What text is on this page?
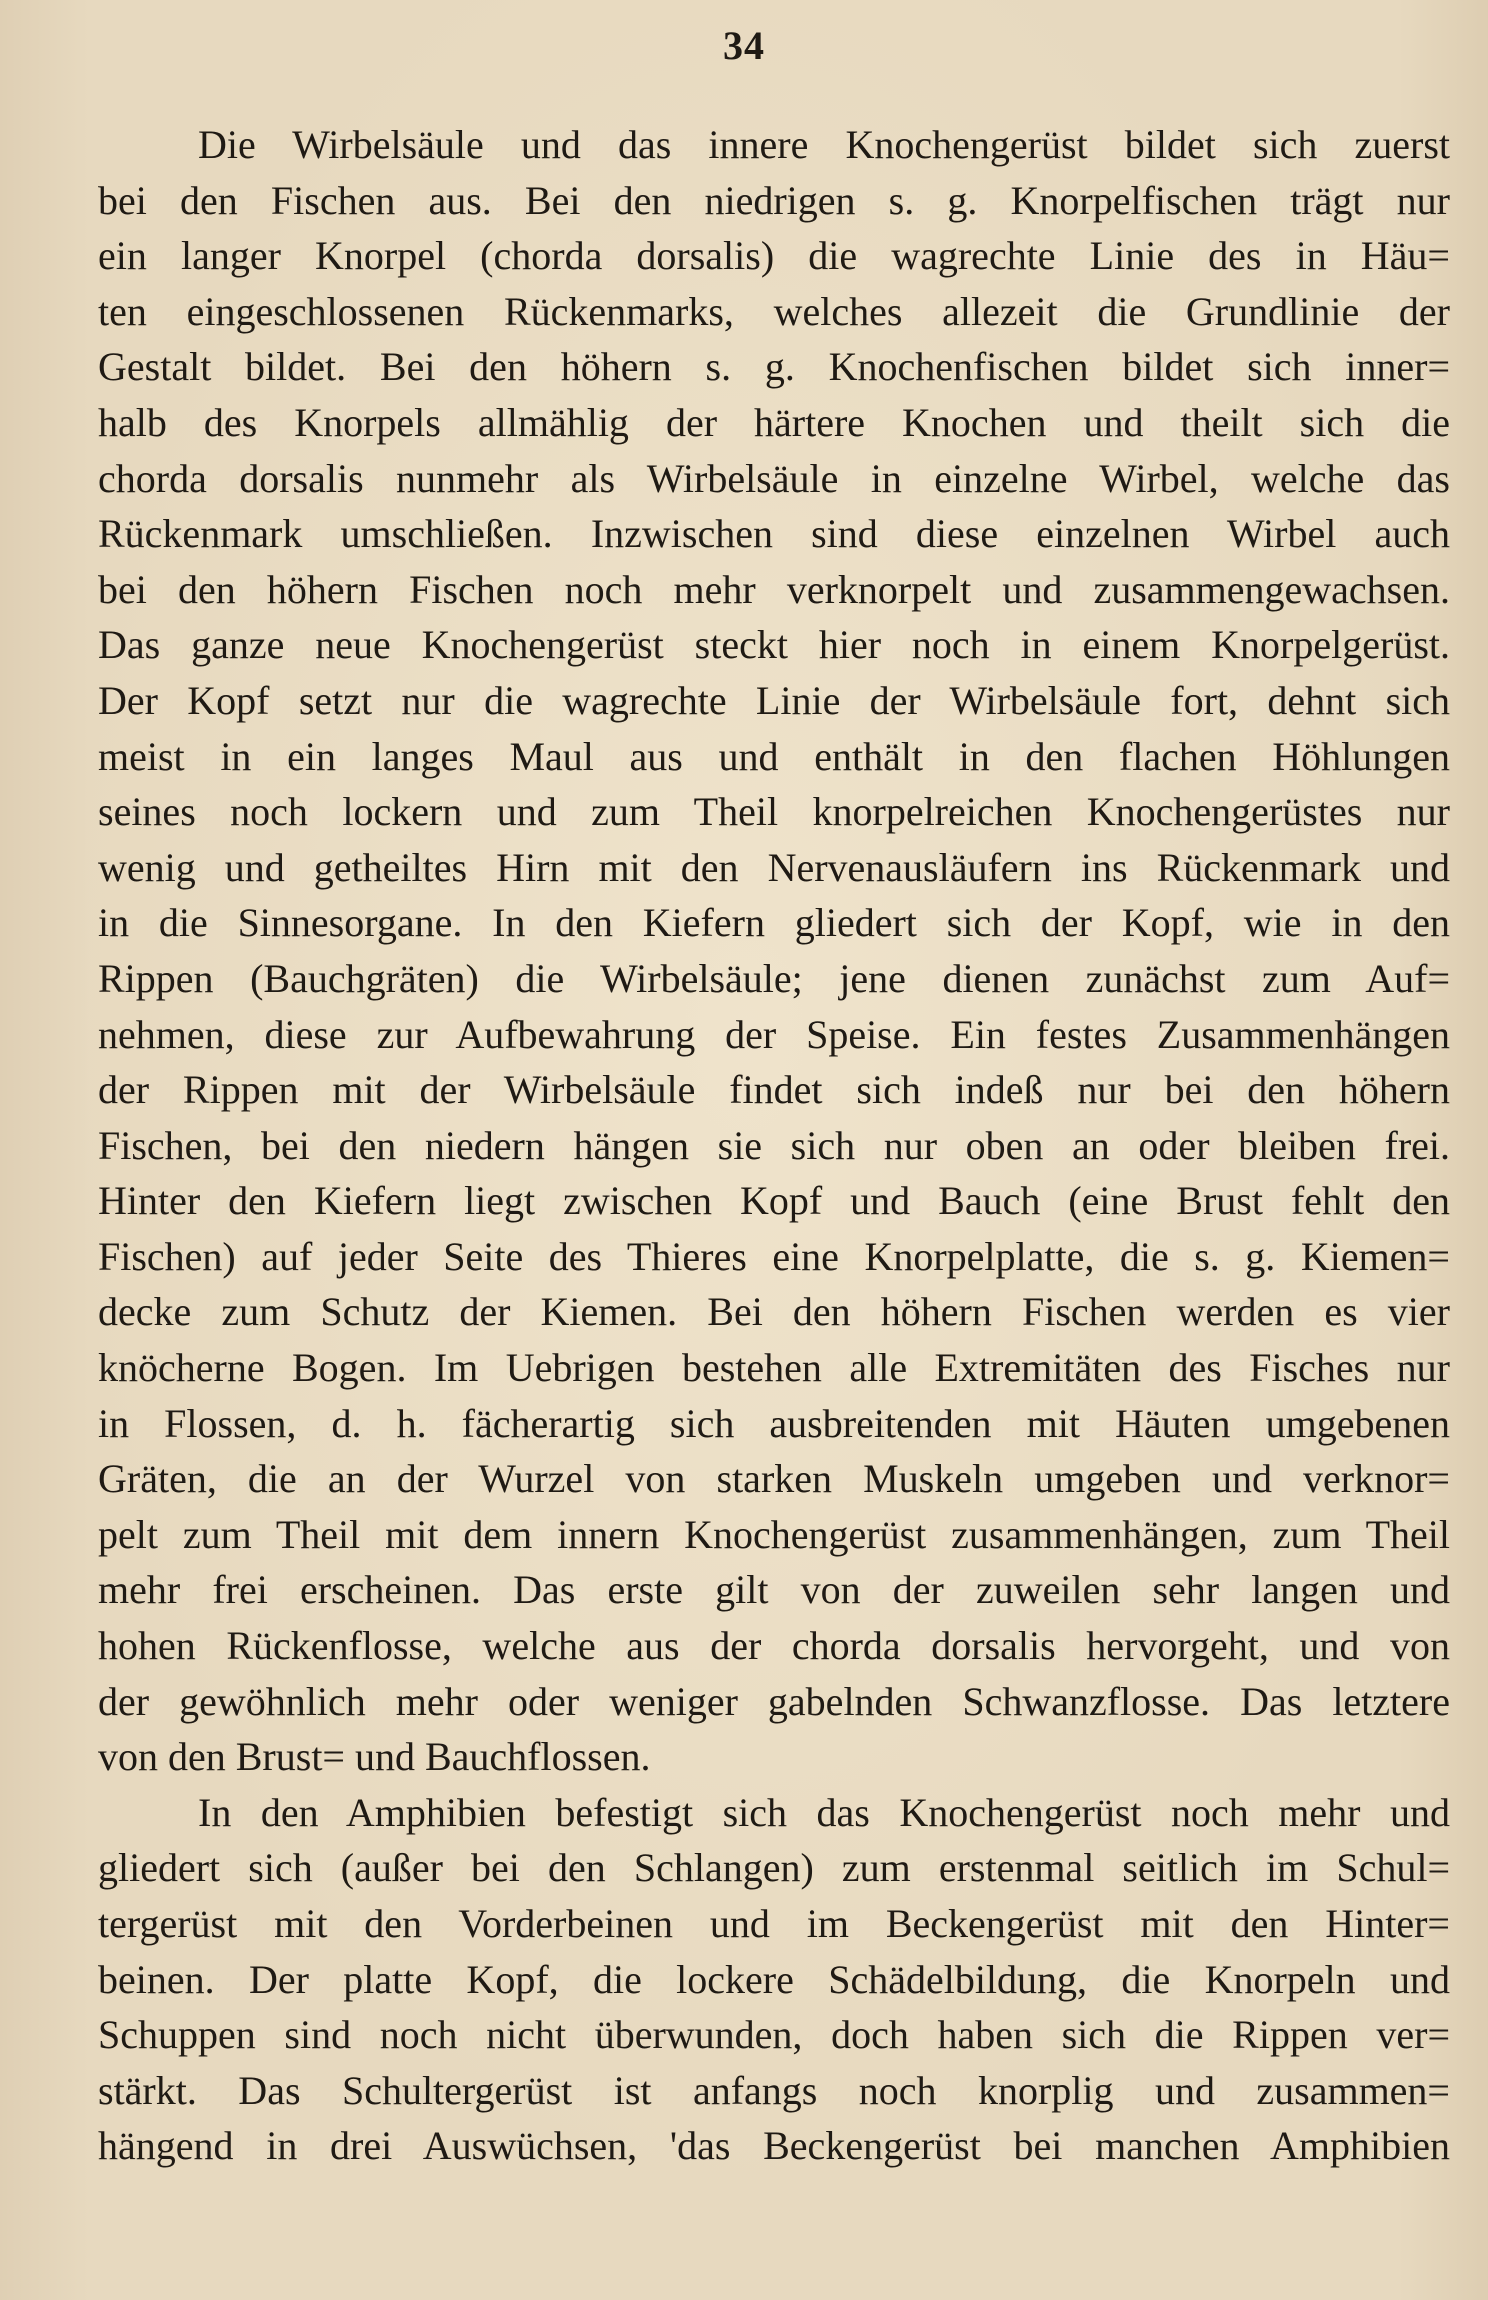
34
Die Wirbelsäule und das innere Knochengerüst bildet sich zuerst
bei den Fischen aus. Bei den niedrigen s. g. Knorpelfischen trägt nur
ein langer Knorpel (chorda dorsalis) die wagrechte Linie des in Häu=
ten eingeschlossenen Rückenmarks, welches allezeit die Grundlinie der
Gestalt bildet. Bei den höhern s. g. Knochenfischen bildet sich inner=
halb des Knorpels allmählig der härtere Knochen und theilt sich die
chorda dorsalis nunmehr als Wirbelsäule in einzelne Wirbel, welche das
Rückenmark umschließen. Inzwischen sind diese einzelnen Wirbel auch
bei den höhern Fischen noch mehr verknorpelt und zusammengewachsen.
Das ganze neue Knochengerüst steckt hier noch in einem Knorpelgerüst.
Der Kopf setzt nur die wagrechte Linie der Wirbelsäule fort, dehnt sich
meist in ein langes Maul aus und enthält in den flachen Höhlungen
seines noch lockern und zum Theil knorpelreichen Knochengerüstes nur
wenig und getheiltes Hirn mit den Nervenausläufern ins Rückenmark und
in die Sinnesorgane. In den Kiefern gliedert sich der Kopf, wie in den
Rippen (Bauchgräten) die Wirbelsäule; jene dienen zunächst zum Auf=
nehmen, diese zur Aufbewahrung der Speise. Ein festes Zusammenhängen
der Rippen mit der Wirbelsäule findet sich indeß nur bei den höhern
Fischen, bei den niedern hängen sie sich nur oben an oder bleiben frei.
Hinter den Kiefern liegt zwischen Kopf und Bauch (eine Brust fehlt den
Fischen) auf jeder Seite des Thieres eine Knorpelplatte, die s. g. Kiemen=
decke zum Schutz der Kiemen. Bei den höhern Fischen werden es vier
knöcherne Bogen. Im Uebrigen bestehen alle Extremitäten des Fisches nur
in Flossen, d. h. fächerartig sich ausbreitenden mit Häuten umgebenen
Gräten, die an der Wurzel von starken Muskeln umgeben und verknor=
pelt zum Theil mit dem innern Knochengerüst zusammenhängen, zum Theil
mehr frei erscheinen. Das erste gilt von der zuweilen sehr langen und
hohen Rückenflosse, welche aus der chorda dorsalis hervorgeht, und von
der gewöhnlich mehr oder weniger gabelnden Schwanzflosse. Das letztere
von den Brust= und Bauchflossen.
In den Amphibien befestigt sich das Knochengerüst noch mehr und
gliedert sich (außer bei den Schlangen) zum erstenmal seitlich im Schul=
tergerüst mit den Vorderbeinen und im Beckengerüst mit den Hinter=
beinen. Der platte Kopf, die lockere Schädelbildung, die Knorpeln und
Schuppen sind noch nicht überwunden, doch haben sich die Rippen ver=
stärkt. Das Schultergerüst ist anfangs noch knorplig und zusammen=
hängend in drei Auswüchsen, 'das Beckengerüst bei manchen Amphibien
